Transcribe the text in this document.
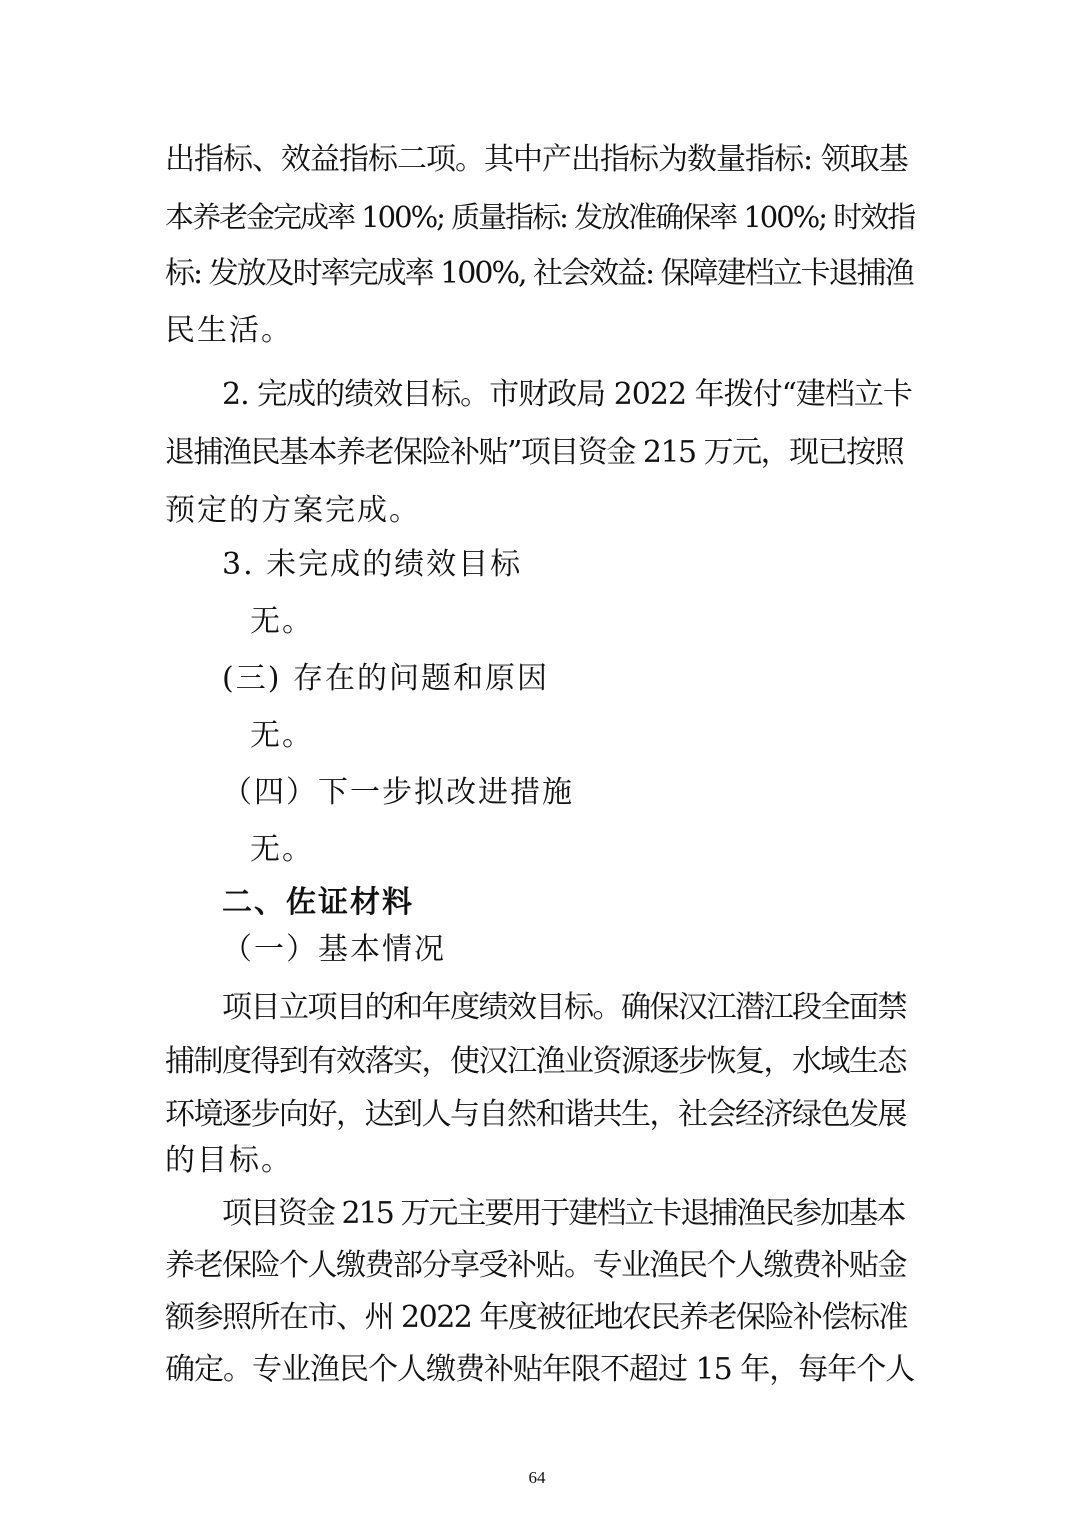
出指标、效益指标二项。其中产出指标为数量指标: 领取基
本养老金完成率 100%; 质量指标: 发放准确保率 100%; 时效指
标: 发放及时率完成率 100%, 社会效益: 保障建档立卡退捕渔
民生活。
2. 完成的绩效目标。市财政局 2022 年拨付“建档立卡
退捕渔民基本养老保险补贴”项目资金 215 万元，现已按照
预定的方案完成。
3. 未完成的绩效目标
无。
(三) 存在的问题和原因
无。
（四）下一步拟改进措施
无。
二、佐证材料
（一）基本情况
项目立项目的和年度绩效目标。确保汉江潜江段全面禁
捕制度得到有效落实，使汉江渔业资源逐步恢复，水域生态
环境逐步向好，达到人与自然和谐共生，社会经济绿色发展
的目标。
项目资金 215 万元主要用于建档立卡退捕渔民参加基本
养老保险个人缴费部分享受补贴。专业渔民个人缴费补贴金
额参照所在市、州 2022 年度被征地农民养老保险补偿标准
确定。专业渔民个人缴费补贴年限不超过 15 年，每年个人
64
